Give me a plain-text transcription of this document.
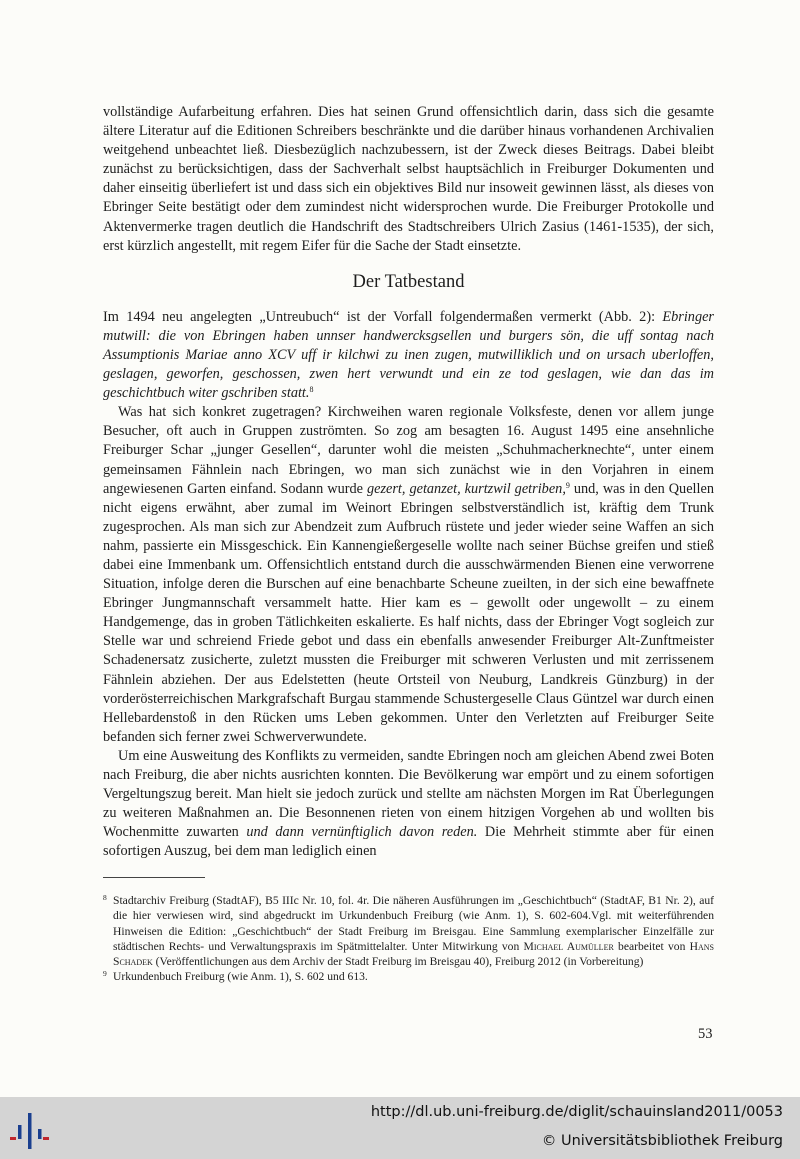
vollständige Aufarbeitung erfahren. Dies hat seinen Grund offensichtlich darin, dass sich die gesamte ältere Literatur auf die Editionen Schreibers beschränkte und die darüber hinaus vorhandenen Archivalien weitgehend unbeachtet ließ. Diesbezüglich nachzubessern, ist der Zweck dieses Beitrags. Dabei bleibt zunächst zu berücksichtigen, dass der Sachverhalt selbst hauptsächlich in Freiburger Dokumenten und daher einseitig überliefert ist und dass sich ein objektives Bild nur insoweit gewinnen lässt, als dieses von Ebringer Seite bestätigt oder dem zumindest nicht widersprochen wurde. Die Freiburger Protokolle und Aktenvermerke tragen deutlich die Handschrift des Stadtschreibers Ulrich Zasius (1461-1535), der sich, erst kürzlich angestellt, mit regem Eifer für die Sache der Stadt einsetzte.

Der Tatbestand

Im 1494 neu angelegten „Untreubuch“ ist der Vorfall folgendermaßen vermerkt (Abb. 2): Ebringer mutwill: die von Ebringen haben unnser handwercksgsellen und burgers sön, die uff sontag nach Assumptionis Mariae anno XCV uff ir kilchwi zu inen zugen, mutwilliklich und on ursach uberloffen, geslagen, geworfen, geschossen, zwen hert verwundt und ein ze tod geslagen, wie dan das im geschichtbuch witer gschriben statt.$^8$

Was hat sich konkret zugetragen? Kirchweihen waren regionale Volksfeste, denen vor allem junge Besucher, oft auch in Gruppen zuströmten. So zog am besagten 16. August 1495 eine ansehnliche Freiburger Schar „junger Gesellen“, darunter wohl die meisten „Schuhmacherknechte“, unter einem gemeinsamen Fähnlein nach Ebringen, wo man sich zunächst wie in den Vorjahren in einem angewiesenen Garten einfand. Sodann wurde gezert, getanzet, kurtzwil getriben,$^9$ und, was in den Quellen nicht eigens erwähnt, aber zumal im Weinort Ebringen selbstverständlich ist, kräftig dem Trunk zugesprochen. Als man sich zur Abendzeit zum Aufbruch rüstete und jeder wieder seine Waffen an sich nahm, passierte ein Missgeschick. Ein Kannengießergeselle wollte nach seiner Büchse greifen und stieß dabei eine Immenbank um. Offensichtlich entstand durch die ausschwärmenden Bienen eine verworrene Situation, infolge deren die Burschen auf eine benachbarte Scheune zueilten, in der sich eine bewaffnete Ebringer Jungmannschaft versammelt hatte. Hier kam es – gewollt oder ungewollt – zu einem Handgemenge, das in groben Tätlichkeiten eskalierte. Es half nichts, dass der Ebringer Vogt sogleich zur Stelle war und schreiend Friede gebot und dass ein ebenfalls anwesender Freiburger Alt-Zunftmeister Schadenersatz zusicherte, zuletzt mussten die Freiburger mit schweren Verlusten und mit zerrissenem Fähnlein abziehen. Der aus Edelstetten (heute Ortsteil von Neuburg, Landkreis Günzburg) in der vorderösterreichischen Markgrafschaft Burgau stammende Schustergeselle Claus Güntzel war durch einen Hellebardenstoß in den Rücken ums Leben gekommen. Unter den Verletzten auf Freiburger Seite befanden sich ferner zwei Schwerverwundete.

Um eine Ausweitung des Konflikts zu vermeiden, sandte Ebringen noch am gleichen Abend zwei Boten nach Freiburg, die aber nichts ausrichten konnten. Die Bevölkerung war empört und zu einem sofortigen Vergeltungszug bereit. Man hielt sie jedoch zurück und stellte am nächsten Morgen im Rat Überlegungen zu weiteren Maßnahmen an. Die Besonnenen rieten von einem hitzigen Vorgehen ab und wollten bis Wochenmitte zuwarten und dann vernünftiglich davon reden. Die Mehrheit stimmte aber für einen sofortigen Auszug, bei dem man lediglich einen

8 Stadtarchiv Freiburg (StadtAF), B5 IIIc Nr. 10, fol. 4r. Die näheren Ausführungen im „Geschichtbuch“ (StadtAF, B1 Nr. 2), auf die hier verwiesen wird, sind abgedruckt im Urkundenbuch Freiburg (wie Anm. 1), S. 602-604.Vgl. mit weiterführenden Hinweisen die Edition: „Geschichtbuch“ der Stadt Freiburg im Breisgau. Eine Sammlung exemplarischer Einzelfälle zur städtischen Rechts- und Verwaltungspraxis im Spätmittelalter. Unter Mitwirkung von Michael Aumüller bearbeitet von Hans Schadek (Veröffentlichungen aus dem Archiv der Stadt Freiburg im Breisgau 40), Freiburg 2012 (in Vorbereitung)

9 Urkundenbuch Freiburg (wie Anm. 1), S. 602 und 613.

53
http://dl.ub.uni-freiburg.de/diglit/schauinsland2011/0053
© Universitätsbibliothek Freiburg
